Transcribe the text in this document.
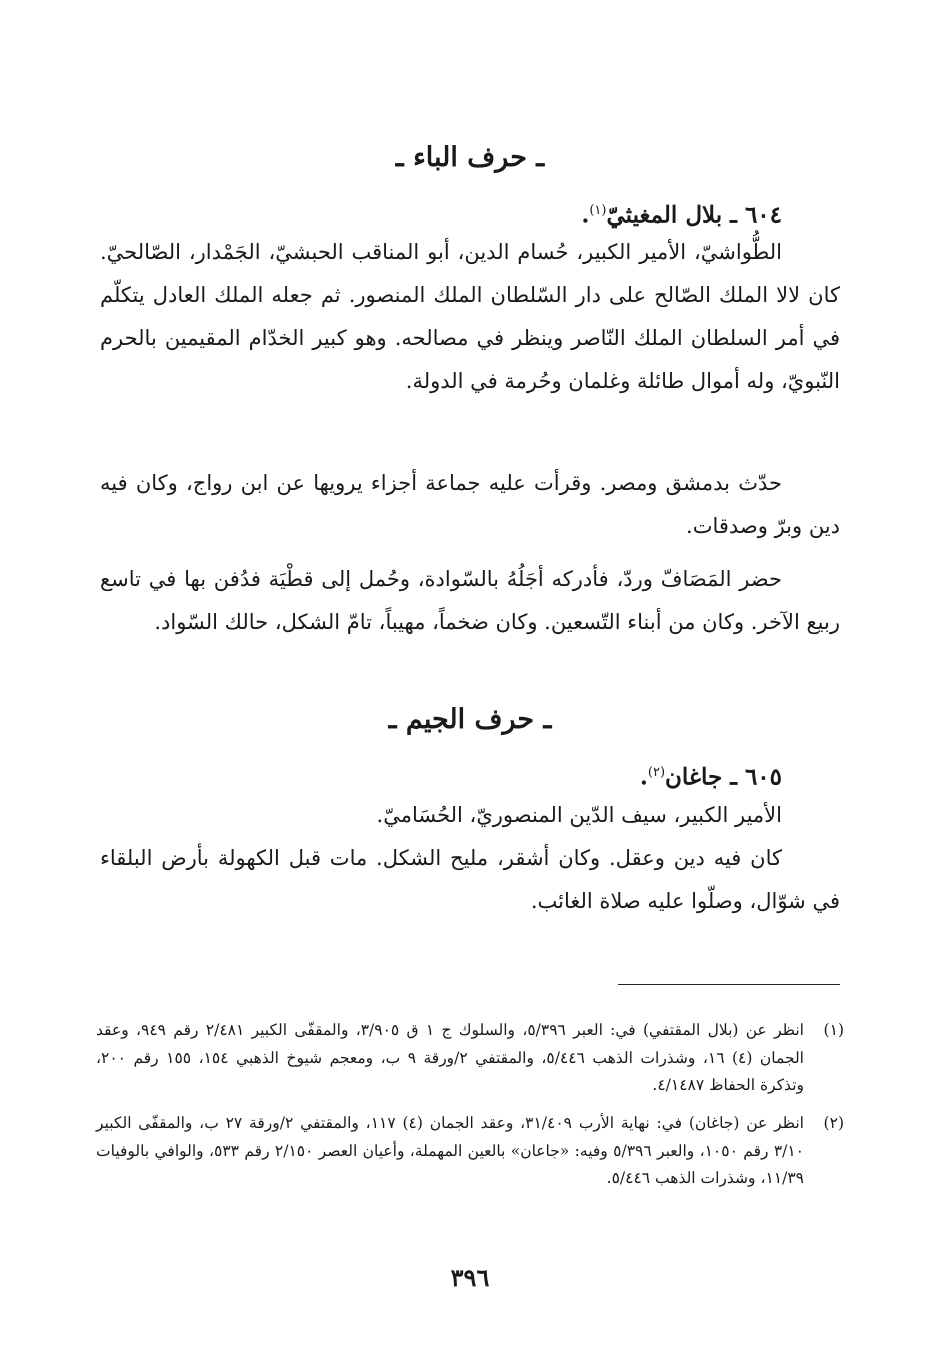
ـ حرف الباء ـ
٦٠٤ ـ بلال المغيثيّ$^{(١)}$.
الطُّواشيّ، الأمير الكبير، حُسام الدين، أبو المناقب الحبشيّ، الجَمْدار، الصّالحيّ. كان لالا الملك الصّالح على دار السّلطان الملك المنصور. ثم جعله الملك العادل يتكلّم في أمر السلطان الملك النّاصر وينظر في مصالحه. وهو كبير الخدّام المقيمين بالحرم النّبويّ، وله أموال طائلة وغلمان وحُرمة في الدولة.
حدّث بدمشق ومصر. وقرأت عليه جماعة أجزاء يرويها عن ابن رواج، وكان فيه دين وبرّ وصدقات.
حضر المَصَافّ وردّ، فأدركه أجَلُهُ بالسّوادة، وحُمل إلى قطْيَة فدُفن بها في تاسع ربيع الآخر. وكان من أبناء التّسعين. وكان ضخماً، مهيباً، تامّ الشكل، حالك السّواد.
ـ حرف الجيم ـ
٦٠٥ ـ جاغان$^{(٢)}$.
الأمير الكبير، سيف الدّين المنصوريّ، الحُسَاميّ.
كان فيه دين وعقل. وكان أشقر، مليح الشكل. مات قبل الكهولة بأرض البلقاء في شوّال، وصلّوا عليه صلاة الغائب.
(١)
انظر عن (بلال المقتفي) في: العبر ٥/٣٩٦، والسلوك ج ١ ق ٣/٩٠٥، والمقفّى الكبير ٢/٤٨١ رقم ٩٤٩، وعقد الجمان (٤) ١٦، وشذرات الذهب ٥/٤٤٦، والمقتفي ٢/ورقة ٩ ب، ومعجم شيوخ الذهبي ١٥٤، ١٥٥ رقم ٢٠٠، وتذكرة الحفاظ ٤/١٤٨٧.
(٢)
انظر عن (جاغان) في: نهاية الأرب ٣١/٤٠٩، وعقد الجمان (٤) ١١٧، والمقتفي ٢/ورقة ٢٧ ب، والمقفّى الكبير ٣/١٠ رقم ١٠٥٠، والعبر ٥/٣٩٦ وفيه: «جاعان» بالعين المهملة، وأعيان العصر ٢/١٥٠ رقم ٥٣٣، والوافي بالوفيات ١١/٣٩، وشذرات الذهب ٥/٤٤٦.
٣٩٦
